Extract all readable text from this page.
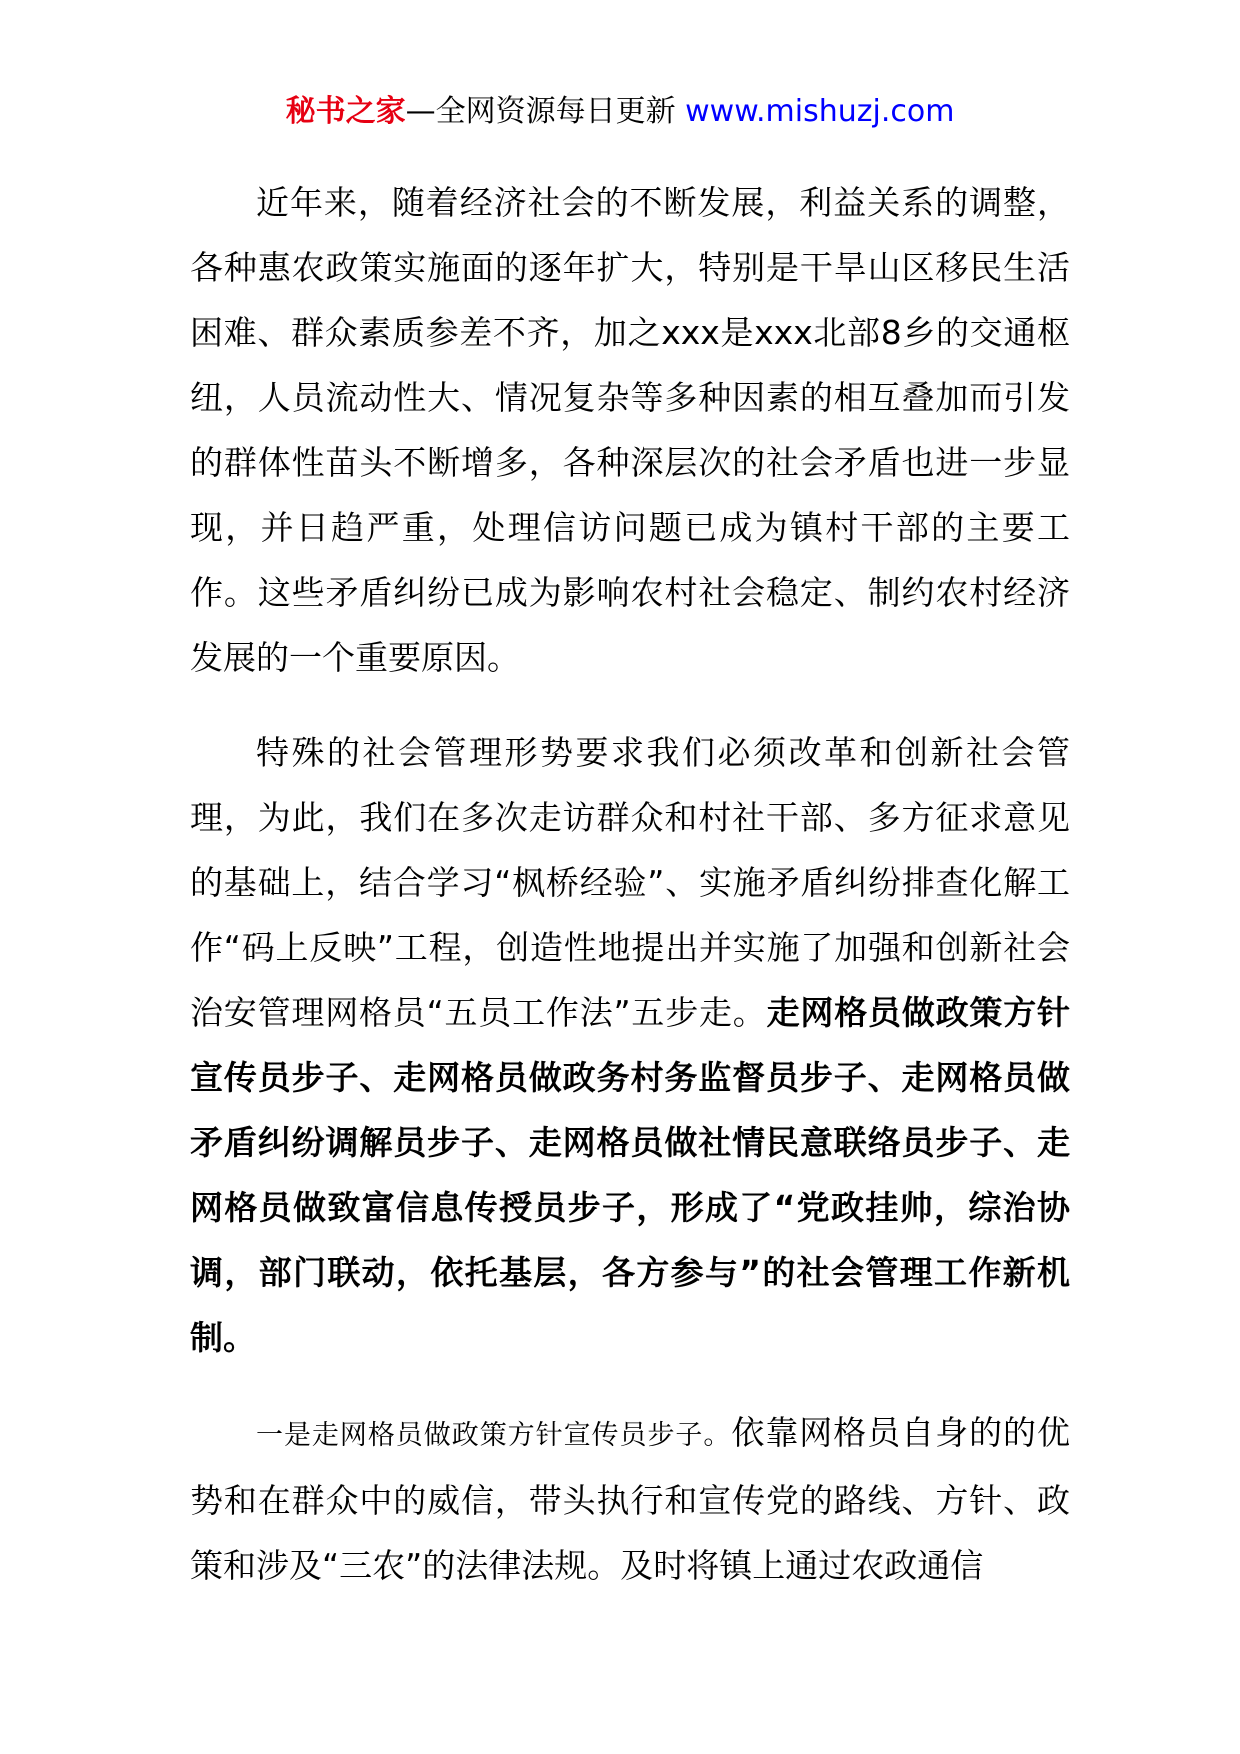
秘书之家—全网资源每日更新 www.mishuzj.com

近年来，随着经济社会的不断发展，利益关系的调整，各种惠农政策实施面的逐年扩大，特别是干旱山区移民生活困难、群众素质参差不齐，加之xxx是xxx北部8乡的交通枢纽，人员流动性大、情况复杂等多种因素的相互叠加而引发的群体性苗头不断增多，各种深层次的社会矛盾也进一步显现，并日趋严重，处理信访问题已成为镇村干部的主要工作。这些矛盾纠纷已成为影响农村社会稳定、制约农村经济发展的一个重要原因。

特殊的社会管理形势要求我们必须改革和创新社会管理，为此，我们在多次走访群众和村社干部、多方征求意见的基础上，结合学习“枫桥经验”、实施矛盾纠纷排查化解工作“码上反映”工程，创造性地提出并实施了加强和创新社会治安管理网格员“五员工作法”五步走。走网格员做政策方针宣传员步子、走网格员做政务村务监督员步子、走网格员做矛盾纠纷调解员步子、走网格员做社情民意联络员步子、走网格员做致富信息传授员步子，形成了“党政挂帅，综治协调，部门联动，依托基层，各方参与”的社会管理工作新机制。

一是走网格员做政策方针宣传员步子。依靠网格员自身的的优势和在群众中的威信，带头执行和宣传党的路线、方针、政策和涉及“三农”的法律法规。及时将镇上通过农政通信
